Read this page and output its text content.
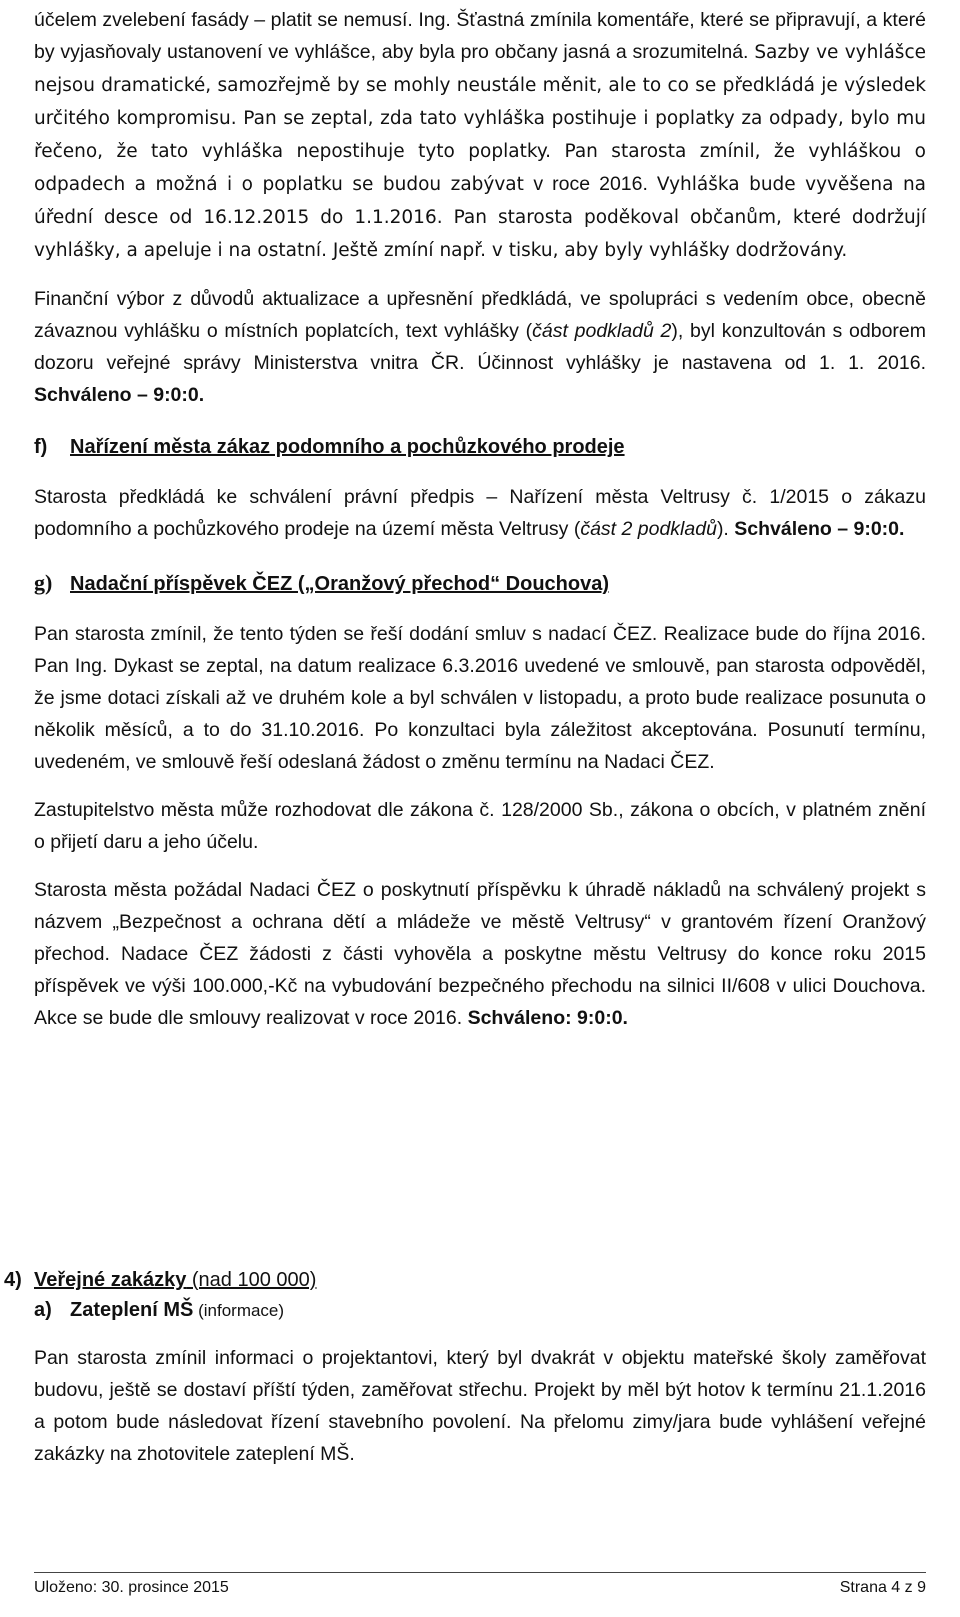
účelem zvelebení fasády – platit se nemusí. Ing. Šťastná zmínila komentáře, které se připravují, a které by vyjasňovaly ustanovení ve vyhlášce, aby byla pro občany jasná a srozumitelná. Sazby ve vyhlášce nejsou dramatické, samozřejmě by se mohly neustále měnit, ale to co se předkládá je výsledek určitého kompromisu. Pan se zeptal, zda tato vyhláška postihuje i poplatky za odpady, bylo mu řečeno, že tato vyhláška nepostihuje tyto poplatky. Pan starosta zmínil, že vyhláškou o odpadech a možná i o poplatku se budou zabývat v roce 2016. Vyhláška bude vyvěšena na úřední desce od 16.12.2015 do 1.1.2016. Pan starosta poděkoval občanům, které dodržují vyhlášky, a apeluje i na ostatní. Ještě zmíní např. v tisku, aby byly vyhlášky dodržovány.

Finanční výbor z důvodů aktualizace a upřesnění předkládá, ve spolupráci s vedením obce, obecně závaznou vyhlášku o místních poplatcích, text vyhlášky (část podkladů 2), byl konzultován s odborem dozoru veřejné správy Ministerstva vnitra ČR. Účinnost vyhlášky je nastavena od 1. 1. 2016. Schváleno – 9:0:0.

f) Nařízení města zákaz podomního a pochůzkového prodeje

Starosta předkládá ke schválení právní předpis – Nařízení města Veltrusy č. 1/2015 o zákazu podomního a pochůzkového prodeje na území města Veltrusy (část 2 podkladů). Schváleno – 9:0:0.

g) Nadační příspěvek ČEZ („Oranžový přechod“ Douchova)

Pan starosta zmínil, že tento týden se řeší dodání smluv s nadací ČEZ. Realizace bude do října 2016. Pan Ing. Dykast se zeptal, na datum realizace 6.3.2016 uvedené ve smlouvě, pan starosta odpověděl, že jsme dotaci získali až ve druhém kole a byl schválen v listopadu, a proto bude realizace posunuta o několik měsíců, a to do 31.10.2016. Po konzultaci byla záležitost akceptována. Posunutí termínu, uvedeném, ve smlouvě řeší odeslaná žádost o změnu termínu na Nadaci ČEZ.

Zastupitelstvo města může rozhodovat dle zákona č. 128/2000 Sb., zákona o obcích, v platném znění o přijetí daru a jeho účelu.

Starosta města požádal Nadaci ČEZ o poskytnutí příspěvku k úhradě nákladů na schválený projekt s názvem „Bezpečnost a ochrana dětí a mládeže ve městě Veltrusy“ v grantovém řízení Oranžový přechod. Nadace ČEZ žádosti z části vyhověla a poskytne městu Veltrusy do konce roku 2015 příspěvek ve výši 100.000,-Kč na vybudování bezpečného přechodu na silnici II/608 v ulici Douchova. Akce se bude dle smlouvy realizovat v roce 2016. Schváleno: 9:0:0.

4) Veřejné zakázky (nad 100 000)
a) Zateplení MŠ (informace)

Pan starosta zmínil informaci o projektantovi, který byl dvakrát v objektu mateřské školy zaměřovat budovu, ještě se dostaví příští týden, zaměřovat střechu. Projekt by měl být hotov k termínu 21.1.2016 a potom bude následovat řízení stavebního povolení. Na přelomu zimy/jara bude vyhlášení veřejné zakázky na zhotovitele zateplení MŠ.

Uloženo: 30. prosince 2015	Strana 4 z 9
